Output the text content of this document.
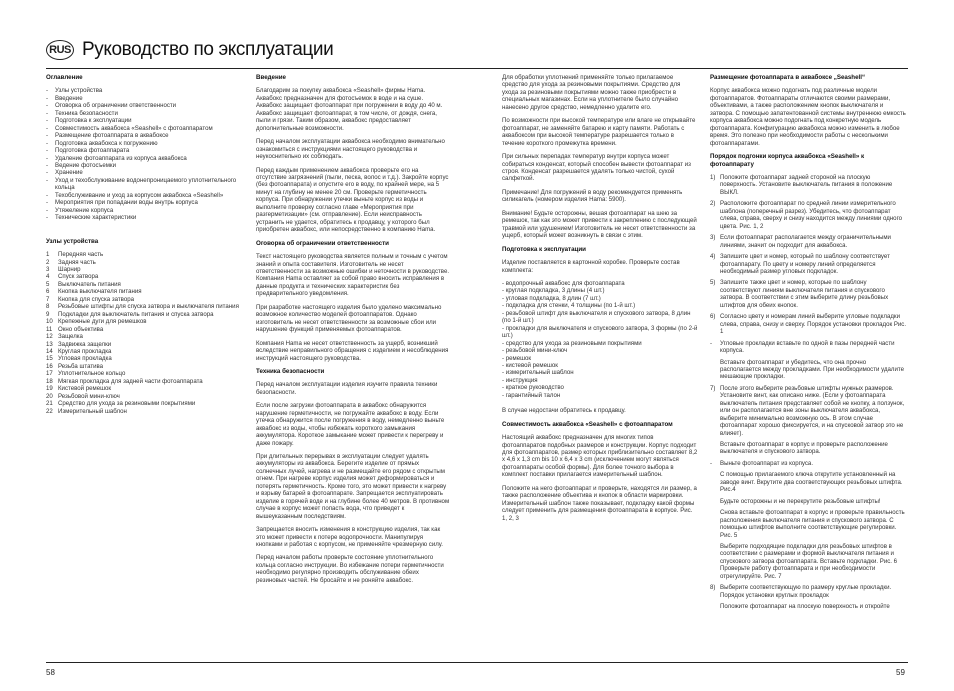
RUS Руководство по эксплуатации
Оглавление
-	Узлы устройства
-	Введение
-	Оговорка об ограничении ответственности
-	Техника безопасности
-	Подготовка к эксплуатации
-	Совместимость аквабокса «Seashell» с фотоаппаратом
-	Размещение фотоаппарата в аквабоксе
-	Подготовка аквабокса к погружению
-	Подготовка фотоаппарата
-	Удаление фотоаппарата из корпуса аквабокса
-	Ведение фотосъемки
-	Хранение
-	Уход и техобслуживание водонепроницаемого уплотнительного кольца
-	Техобслуживание и уход за корпусом аквабокса «Seashell»
-	Мероприятия при попадании воды внутрь корпуса
-	Утяжеление корпуса
-	Технические характеристики
Узлы устройства
1	Передняя часть
2	Задняя часть
3	Шарнир
4	Спуск затвора
5	Выключатель питания
6	Кнопка выключателя питания
7	Кнопка для спуска затвора
8	Резьбовые штифты для спуска затвора и выключателя питания
9	Подкладки для выключатель питания и спуска затвора
10 Крепежные дуги для ремешков
11 Окно объектива
12 Защелка
13 Задвижка защелки
14 Круглая прокладка
15 Угловая прокладка
16 Резьба штатива
17 Уплотнительное кольцо
18 Мягкая прокладка для задней части фотоаппарата
19 Кистевой ремешок
20 Резьбовой мини-ключ
21 Средство для ухода за резиновыми покрытиями
22 Измерительный шаблон
Введение

Благодарим за покупку аквабокса «Seashell» фирмы Hama. Аквабокс предназначен для фотосъемок в воде и на суше. Аквабокс защищает фотоаппарат при погружении в воду до 40 м. Аквабокс защищает фотоаппарат, в том числе, от дождя, снега, пыли и грязи. Таким образом, аквабокс предоставляет дополнительные возможности.

Перед началом эксплуатации аквабокса необходимо внимательно ознакомиться с инструкциями настоящего руководства и неукоснительно их соблюдать.

Перед каждым применением аквабокса проверьте его на отсутствие загрязнений (пыли, песка, волос и т.д.). Закройте корпус (без фотоаппарата) и опустите его в воду, по крайней мере, на 5 минут на глубину не менее 20 см. Проверьте герметичность корпуса. При обнаружении утечки выньте корпус из воды и выполните проверку согласно главе «Мероприятия при разгерметизации» (см. отправление). Если неисправность устранить не удается, обратитесь к продавцу, у которого был приобретен аквабокс, или непосредственно в компанию Hama.

Оговорка об ограничении ответственности

Текст настоящего руководства является полным и точным с учетом знаний и опыта составителя. Изготовитель не несет ответственности за возможные ошибки и неточности в руководстве. Компания Hama оставляет за собой право вносить исправления в данные продукта и технических характеристик без предварительного уведомления.

При разработке настоящего изделия было уделено максимально возможное количество моделей фотоаппаратов. Однако изготовитель не несет ответственности за возможные сбои или нарушение функций применяемых фотоаппаратов.

Компания Hama не несет ответственность за ущерб, возникший вследствие неправильного обращения с изделием и несоблюдения инструкций настоящего руководства.

Техника безопасности

Перед началом эксплуатации изделия изучите правила техники безопасности.

Если после загрузки фотоаппарата в аквабокс обнаружится нарушение герметичности, не погружайте аквабокс в воду. Если утечка обнаружится после погружения в воду, немедленно выньте аквабокс из воды, чтобы избежать короткого замыкания аккумулятора. Короткое замыкание может привести к перегреву и даже пожару.

При длительных перерывах в эксплуатации следует удалять аккумуляторы из аквабокса. Берегите изделие от прямых солнечных лучей, нагрева и не размещайте его рядом с открытым огнем. При нагреве корпус изделия может деформироваться и потерять герметичность. Кроме того, это может привести к нагреву и взрыву батарей в фотоаппарате. Запрещается эксплуатировать изделие в горячей воде и на глубине более 40 метров. В противном случае в корпус может попасть вода, что приведет к вышеуказанным последствиям.

Запрещается вносить изменения в конструкцию изделия, так как это может привести к потере водопрочности. Манипулируя кнопками и работая с корпусом, не применяйте чрезмерную силу.

Перед началом работы проверьте состояние уплотнительного кольца согласно инструкции. Во избежание потери герметичности необходимо регулярно производить обслуживание обеих резиновых частей. Не бросайте и не роняйте аквабокс.

Для обработки уплотнений применяйте только прилагаемое средство для ухода за резиновыми покрытиями. Средство для ухода за резиновыми покрытиями можно также приобрести в специальных магазинах. Если на уплотнителе было случайно нанесено другое средство, немедленно удалите его.

По возможности при высокой температуре или влаге не открывайте фотоаппарат, не заменяйте батарею и карту памяти. Работать с аквабоксом при высокой температуре разрешается только в течение короткого промежутка времени.

При сильных перепадах температур внутри корпуса может собираться конденсат, который способен вывести фотоаппарат из строя. Конденсат разрешается удалять только чистой, сухой салфеткой.

Примечание! Для погружений в воду рекомендуется применять силикагель (номером изделия Hama: 5900).

Внимание! Будьте осторожны, вешая фотоаппарат на шею за ремешок, так как это может привести к закреплению с последующей травмой или удушением! Изготовитель не несет ответственности за ущерб, который может возникнуть в связи с этим.

Подготовка к эксплуатации

Изделие поставляется в картонной коробке. Проверьте состав комплекта:

- водопрочный аквабокс для фотоаппарата
- круглая подкладка, 3 длины (4 шт.)
- угловая подкладка, 8 длин (7 шт.)
- подкладка для стенки, 4 толщины (по 1-й шт.)
- резьбовой штифт для выключателя и спускового затвора, 8 длин (по 1-й шт.)
- прокладки для выключателя и спускового затвора, 3 формы (по 2-й шт.)
- средство для ухода за резиновыми покрытиями
- резьбовой мини-ключ
- ремешок
- кистевой ремешок
- измерительный шаблон
- инструкция
- краткое руководство
- гарантийный талон

В случае недостачи обратитесь к продавцу.

Совместимость аквабокса «Seashell» с фотоаппаратом

Настоящий аквабокс предназначен для многих типов фотоаппаратов подобных размеров и конструкции. Корпус подходит для фотоаппаратов, размер которых приблизительно составляет 8,2 x 4,6 x 1,3 cm bis 10 x 6,4 x 3 cm (исключением могут являться фотоаппараты особой формы). Для более точного выбора в комплект поставки прилагается измерительный шаблон.

Положите на него фотоаппарат и проверьте, находятся ли размер, а также расположение объектива и кнопок в области маркировки. Измерительный шаблон также показывает, подкладку какой формы следует применить для размещения фотоаппарата в корпусе. Рис. 1, 2, 3

Размещение фотоаппарата в аквабоксе „Seashell“

Корпус аквабокса можно подогнать под различные модели фотоаппаратов. Фотоаппараты отличаются своими размерами, объективами, а также расположением кнопок выключателя и затвора. С помощью запатентованной системы внутреннюю емкость корпуса аквабокса можно подогнать под конкретную модель фотоаппарата. Конфигурацию аквабокса можно изменить в любое время. Это полезно при необходимости работы с несколькими фотоаппаратами.

Порядок подгонки корпуса аквабокса «Seashell» к фотоаппарату
1) Положите фотоаппарат задней стороной на плоскую поверхность. Установите выключатель питания в положение ВЫКЛ.
2) Расположите фотоаппарат по средней линии измерительного шаблона (поперечный разрез). Убедитесь, что фотоаппарат слева, справа, сверху и снизу находится между линиями одного цвета. Рис. 1, 2
3) Если фотоаппарат располагается между ограничительными линиями, значит он подходит для аквабокса.
4) Запишите цвет и номер, который по шаблону соответствует фотоаппарату. По цвету и номеру линий определяется необходимый размер угловых подкладок.
5) Запишите также цвет и номер, которые по шаблону соответствуют линиям выключателя питания и спускового затвора. В соответствии с этим выберите длину резьбовых штифтов для обеих кнопок.
6) Согласно цвету и номерам линий выберите угловые подкладки слева, справа, снизу и сверху. Порядок установки прокладок Рис. 1
-	Угловые прокладки вставьте по одной в пазы передней части корпуса.
Вставьте фотоаппарат и убедитесь, что она прочно располагается между прокладками. При необходимости удалите мешающие прокладки.
7) После этого выберите резьбовые штифты нужных размеров. Установите винт, как описано ниже. (Если у фотоаппарата выключатель питания представляет собой не кнопку, а ползунок, или он располагается вне зоны выключателя аквабокса, выберите минимально возможную ось. В этом случае фотоаппарат хорошо фиксируется, и на спусковой затвор это не влияет).
Вставьте фотоаппарат в корпус и проверьте расположение выключателя и спускового затвора.
-	Выньте фотоаппарат из корпуса.
С помощью прилагаемого ключа открутите установленный на заводе винт. Вкрутите два соответствующих резьбовых штифта. Рис.4
Будьте осторожны и не перекрутите резьбовые штифты!
Снова вставьте фотоаппарат в корпус и проверьте правильность расположения выключателя питания и спускового затвора. С помощью штифтов выполните соответствующие регулировки. Рис. 5
Выберите подходящие подкладки для резьбовых штифтов в соответствии с размерами и формой выключателя питания и спускового затвора фотоаппарата. Вставьте подкладки. Рис. 6 Проверьте работу фотоаппарата и при необходимости отрегулируйте. Рис. 7
8) Выберите соответствующую по размеру круглые прокладки. Порядок установки круглых прокладок
Положите фотоаппарат на плоскую поверхность и откройте
58	59
